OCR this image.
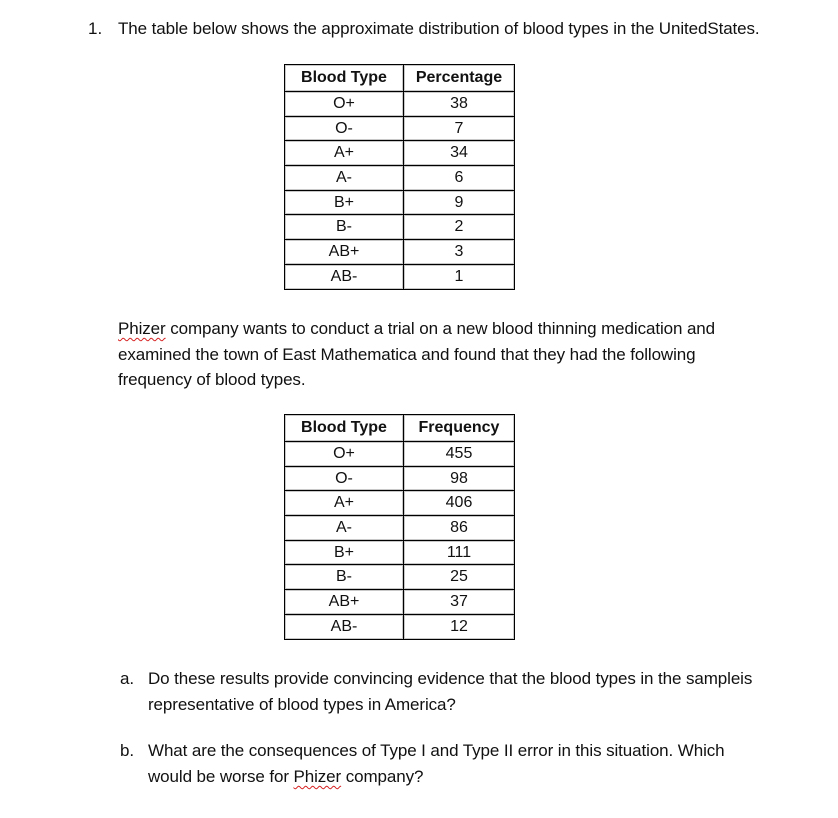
1. The table below shows the approximate distribution of blood types in the UnitedStates.
Blood Type	Percentage
O+	38
O-	7
A+	34
A-	6
B+	9
B-	2
AB+	3
AB-	1
Phizer company wants to conduct a trial on a new blood thinning medication and
examined the town of East Mathematica and found that they had the following
frequency of blood types.
Blood Type	Frequency
O+	455
O-	98
A+	406
A-	86
B+	111
B-	25
AB+	37
AB-	12
a. Do these results provide convincing evidence that the blood types in the sampleis
representative of blood types in America?
b. What are the consequences of Type I and Type II error in this situation. Which
would be worse for Phizer company?
